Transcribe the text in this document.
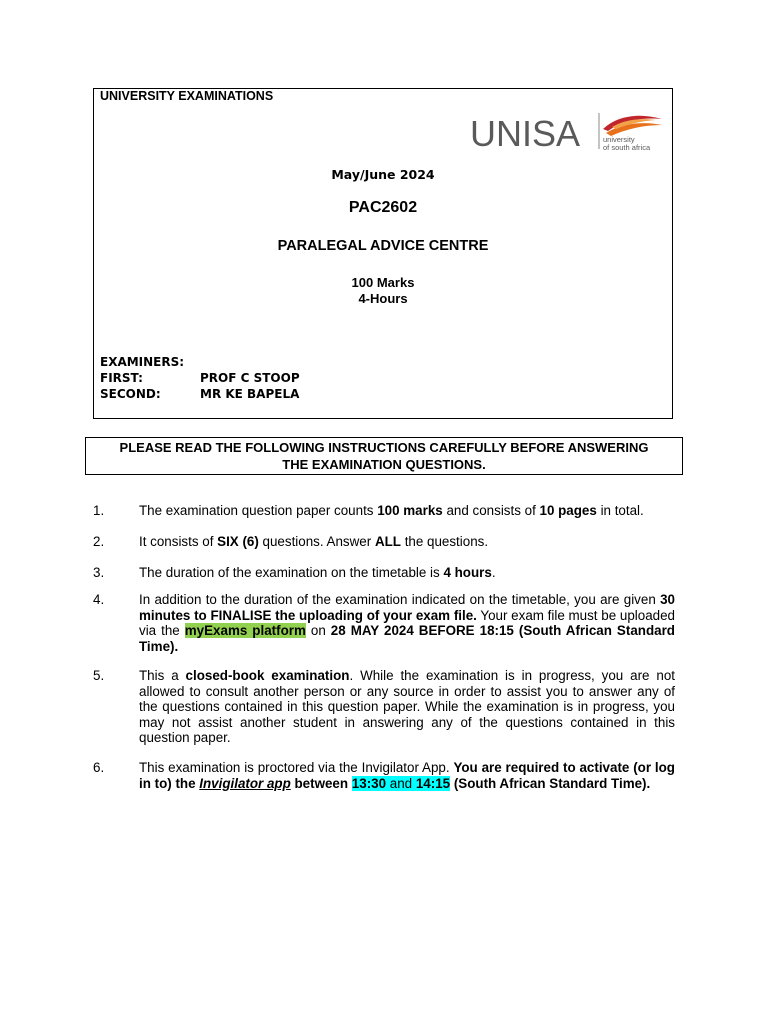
UNIVERSITY EXAMINATIONS
UNISA	university
of south africa
May/June 2024
PAC2602
PARALEGAL ADVICE CENTRE
100 Marks
4-Hours
EXAMINERS:
FIRST:	PROF C STOOP
SECOND:	MR KE BAPELA
PLEASE READ THE FOLLOWING INSTRUCTIONS CAREFULLY BEFORE ANSWERING
THE EXAMINATION QUESTIONS.
1.	The examination question paper counts 100 marks and consists of 10 pages in total.
2.	It consists of SIX (6) questions. Answer ALL the questions.
3.	The duration of the examination on the timetable is 4 hours.
4.	In addition to the duration of the examination indicated on the timetable, you are given 30 minutes to FINALISE the uploading of your exam file. Your exam file must be uploaded via the myExams platform on 28 MAY 2024 BEFORE 18:15 (South African Standard Time).
5.	This a closed-book examination. While the examination is in progress, you are not allowed to consult another person or any source in order to assist you to answer any of the questions contained in this question paper. While the examination is in progress, you may not assist another student in answering any of the questions contained in this question paper.
6.	This examination is proctored via the Invigilator App. You are required to activate (or log in to) the Invigilator app between 13:30 and 14:15 (South African Standard Time).
